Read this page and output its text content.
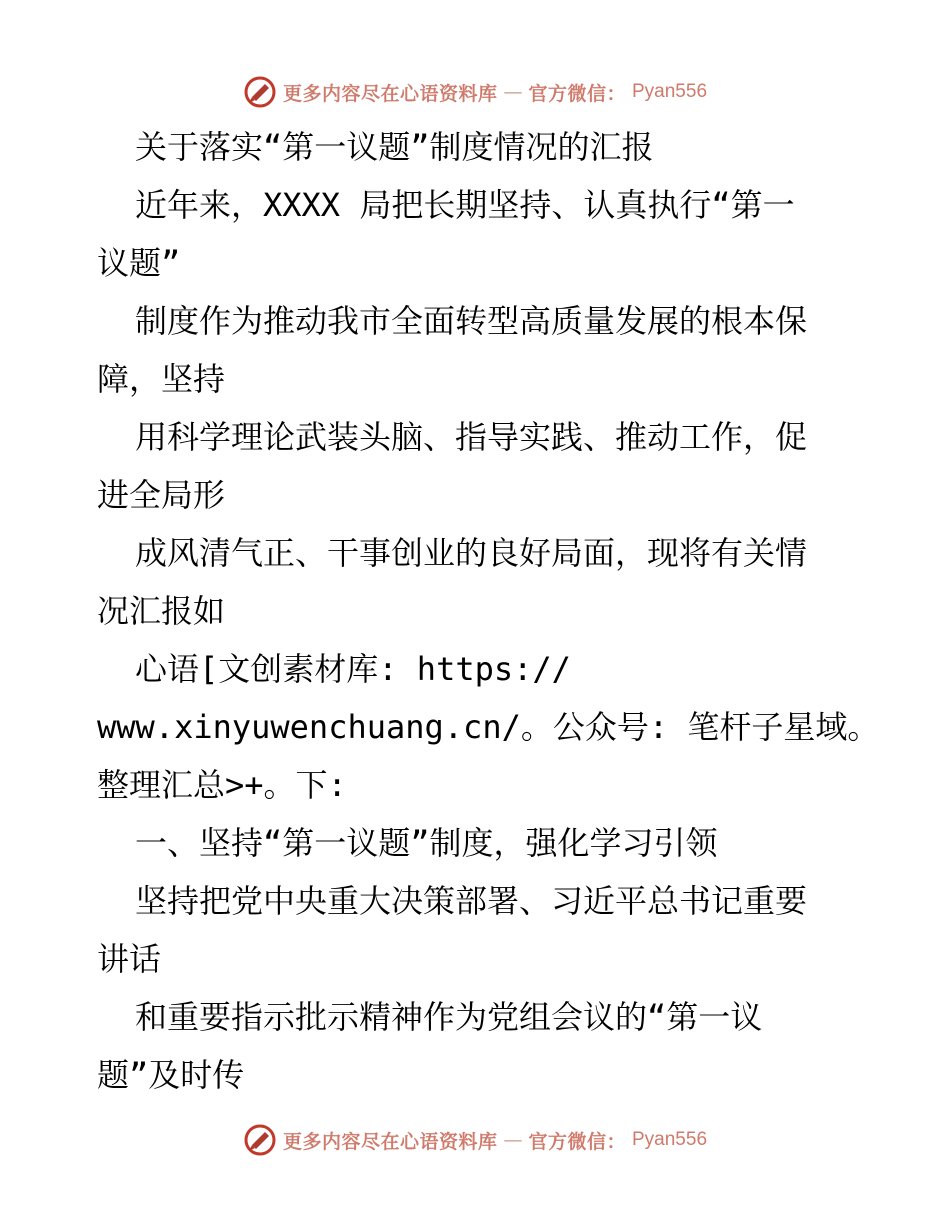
更多内容尽在心语资料库 — 官方微信： Pyan556
关于落实“第一议题”制度情况的汇报
近年来，XXXX 局把长期坚持、认真执行“第一
议题”
制度作为推动我市全面转型高质量发展的根本保
障，坚持
用科学理论武装头脑、指导实践、推动工作，促
进全局形
成风清气正、干事创业的良好局面，现将有关情
况汇报如
心语[文创素材库: https://
www.xinyuwenchuang.cn/。公众号: 笔杆子星域。
整理汇总>+。下:
一、坚持“第一议题”制度，强化学习引领
坚持把党中央重大决策部署、习近平总书记重要
讲话
和重要指示批示精神作为党组会议的“第一议
题”及时传
更多内容尽在心语资料库 — 官方微信： Pyan556
